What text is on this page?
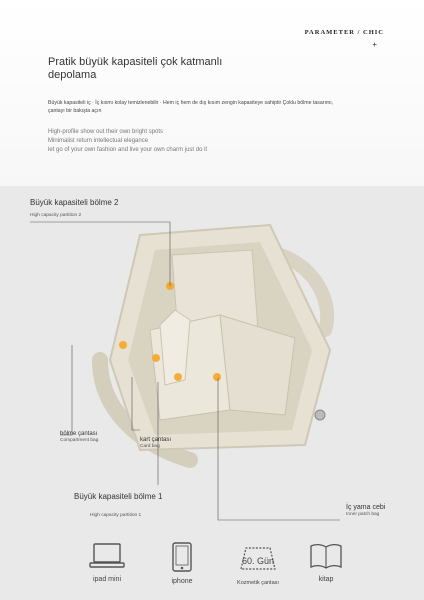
PARAMETER / CHIC
+
Pratik büyük kapasiteli çok katmanlı depolama
Büyük kapasiteli iç · İç kısmı kolay temizlenebilir · Hem iç hem de dış kısım zengin kapasiteye sahiptir Çoklu bölme tasarımı, çantayı bir bakışta açın
High-profile show out their own bright spots
Minimalist return intellectual elegance
let go of your own fashion and live your own charm just do it
Büyük kapasiteli bölme 2
High capacity partition 2
bölme çantası
Compartment bag	kart çantası
Card bag
Büyük kapasiteli bölme 1
High capacity partition 1
İç yama cebi
Inner patch bag
ipad mini	iphone
60. Gün
Kozmetik çantası	kitap
